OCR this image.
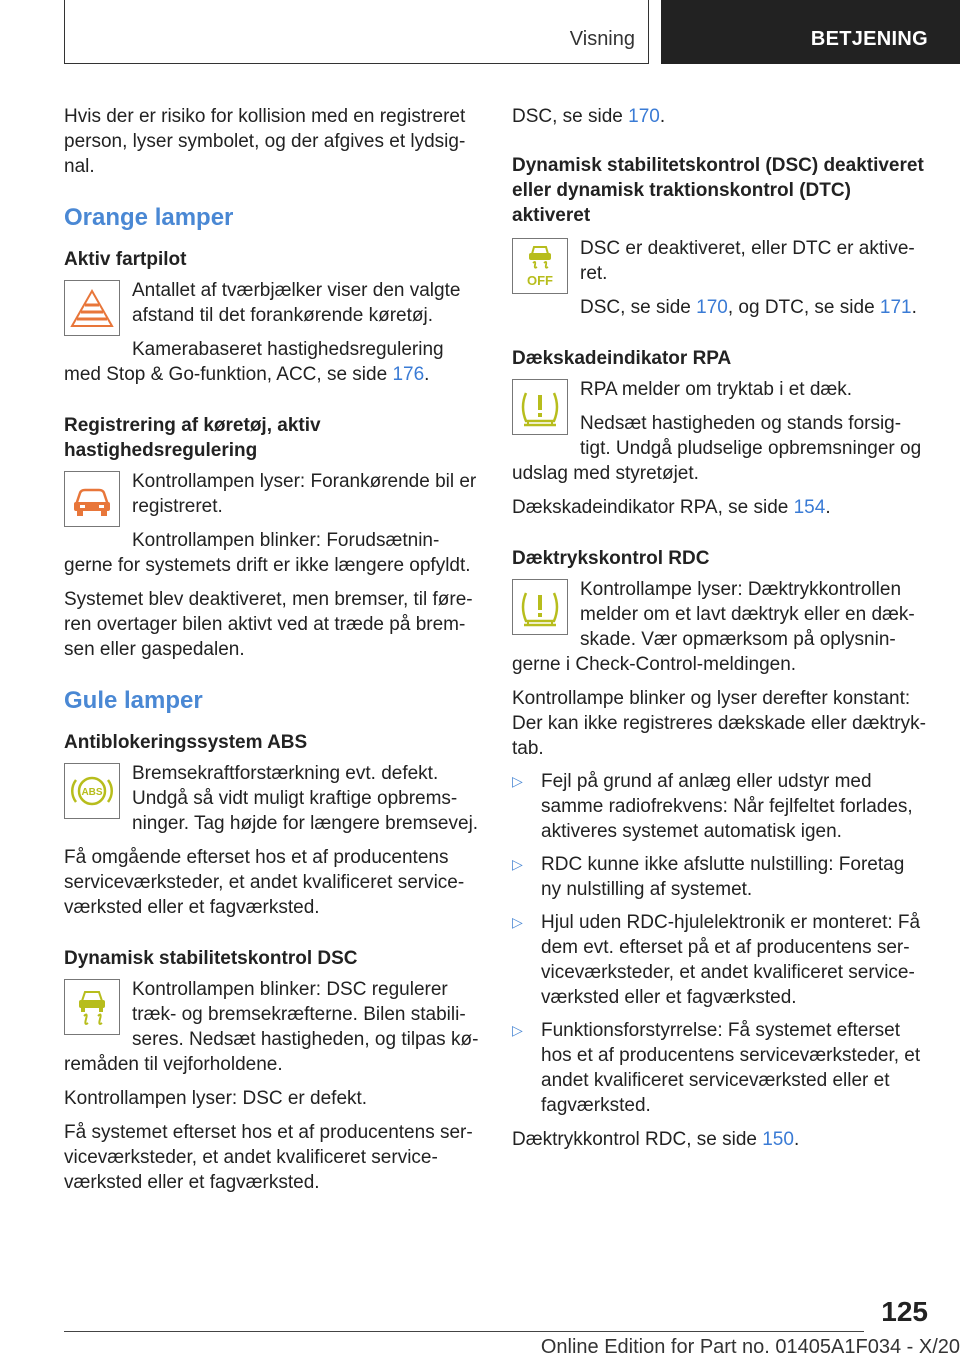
Visning	BETJENING

Hvis der er risiko for kollision med en registreret person, lyser symbolet, og der afgives et lydsig-nal.

Orange lamper
Aktiv fartpilot

Antallet af tværbjælker viser den valgte afstand til det forankørende køretøj.

Kamerabaseret hastighedsregulering med Stop & Go-funktion, ACC, se side 176.

Registrering af køretøj, aktiv hastighedsregulering

Kontrollampen lyser: Forankørende bil er registreret.

Kontrollampen blinker: Forudsætnin-gerne for systemets drift er ikke længere opfyldt.

Systemet blev deaktiveret, men bremser, til føre-ren overtager bilen aktivt ved at træde på brem-sen eller gaspedalen.

Gule lamper
Antiblokeringssystem ABS
ABS

Bremsekraftforstærkning evt. defekt. Undgå så vidt muligt kraftige opbrems-ninger. Tag højde for længere bremsevej.

Få omgående efterset hos et af producentens serviceværksteder, et andet kvalificeret service-værksted eller et fagværksted.

Dynamisk stabilitetskontrol DSC

Kontrollampen blinker: DSC regulerer træk- og bremsekræfterne. Bilen stabili-seres. Nedsæt hastigheden, og tilpas kø-remåden til vejforholdene.

Kontrollampen lyser: DSC er defekt.

Få systemet efterset hos et af producentens ser-viceværksteder, et andet kvalificeret service-værksted eller et fagværksted.

DSC, se side 170.

Dynamisk stabilitetskontrol (DSC) deaktiveret eller dynamisk traktionskontrol (DTC) aktiveret
OFF

DSC er deaktiveret, eller DTC er aktive-ret.

DSC, se side 170, og DTC, se side 171.

Dækskadeindikator RPA

RPA melder om tryktab i et dæk.

Nedsæt hastigheden og stands forsig-tigt. Undgå pludselige opbremsninger og udslag med styretøjet.

Dækskadeindikator RPA, se side 154.

Dæktrykskontrol RDC

Kontrollampe lyser: Dæktrykkontrollen melder om et lavt dæktryk eller en dæk-skade. Vær opmærksom på oplysnin-gerne i Check-Control-meldingen.

Kontrollampe blinker og lyser derefter konstant: Der kan ikke registreres dækskade eller dæktryk-tab.

▷ Fejl på grund af anlæg eller udstyr med samme radiofrekvens: Når fejlfeltet forlades, aktiveres systemet automatisk igen.
▷ RDC kunne ikke afslutte nulstilling: Foretag ny nulstilling af systemet.
▷ Hjul uden RDC-hjulelektronik er monteret: Få dem evt. efterset på et af producentens ser-viceværksteder, et andet kvalificeret service-værksted eller et fagværksted.
▷ Funktionsforstyrrelse: Få systemet efterset hos et af producentens serviceværksteder, et andet kvalificeret serviceværksted eller et fagværksted.

Dæktrykkontrol RDC, se side 150.

125
Online Edition for Part no. 01405A1F034 - X/20
